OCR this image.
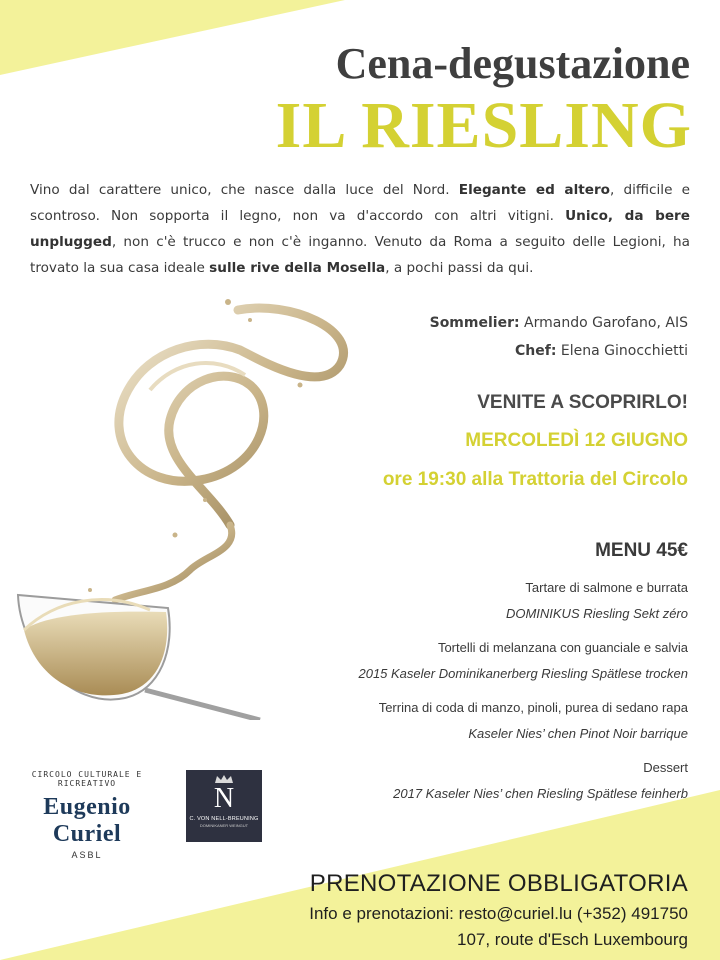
Cena-degustazione
IL RIESLING
Vino dal carattere unico, che nasce dalla luce del Nord. Elegante ed altero, difficile e scontroso. Non sopporta il legno, non va d'accordo con altri vitigni. Unico, da bere unplugged, non c'è trucco e non c'è inganno. Venuto da Roma a seguito delle Legioni, ha trovato la sua casa ideale sulle rive della Mosella, a pochi passi da qui.
Sommelier: Armando Garofano, AIS
Chef: Elena Ginocchietti
VENITE A SCOPRIRLO!
MERCOLEDÌ 12 GIUGNO
ore 19:30 alla Trattoria del Circolo
MENU 45€
Tartare di salmone e burrata
DOMINIKUS Riesling Sekt zéro
Tortelli di melanzana con guanciale e salvia
2015 Kaseler Dominikanerberg Riesling Spätlese trocken
Terrina di coda di manzo, pinoli, purea di sedano rapa
Kaseler Nies’ chen Pinot Noir barrique
Dessert
2017 Kaseler Nies’ chen Riesling Spätlese feinherb
CIRCOLO CULTURALE E RICREATIVO
Eugenio Curiel
ASBL
N
C. VON NELL-BREUNING
DOMINIKANER WEINGUT
PRENOTAZIONE OBBLIGATORIA
Info e prenotazioni: resto@curiel.lu (+352) 491750
107, route d'Esch Luxembourg
